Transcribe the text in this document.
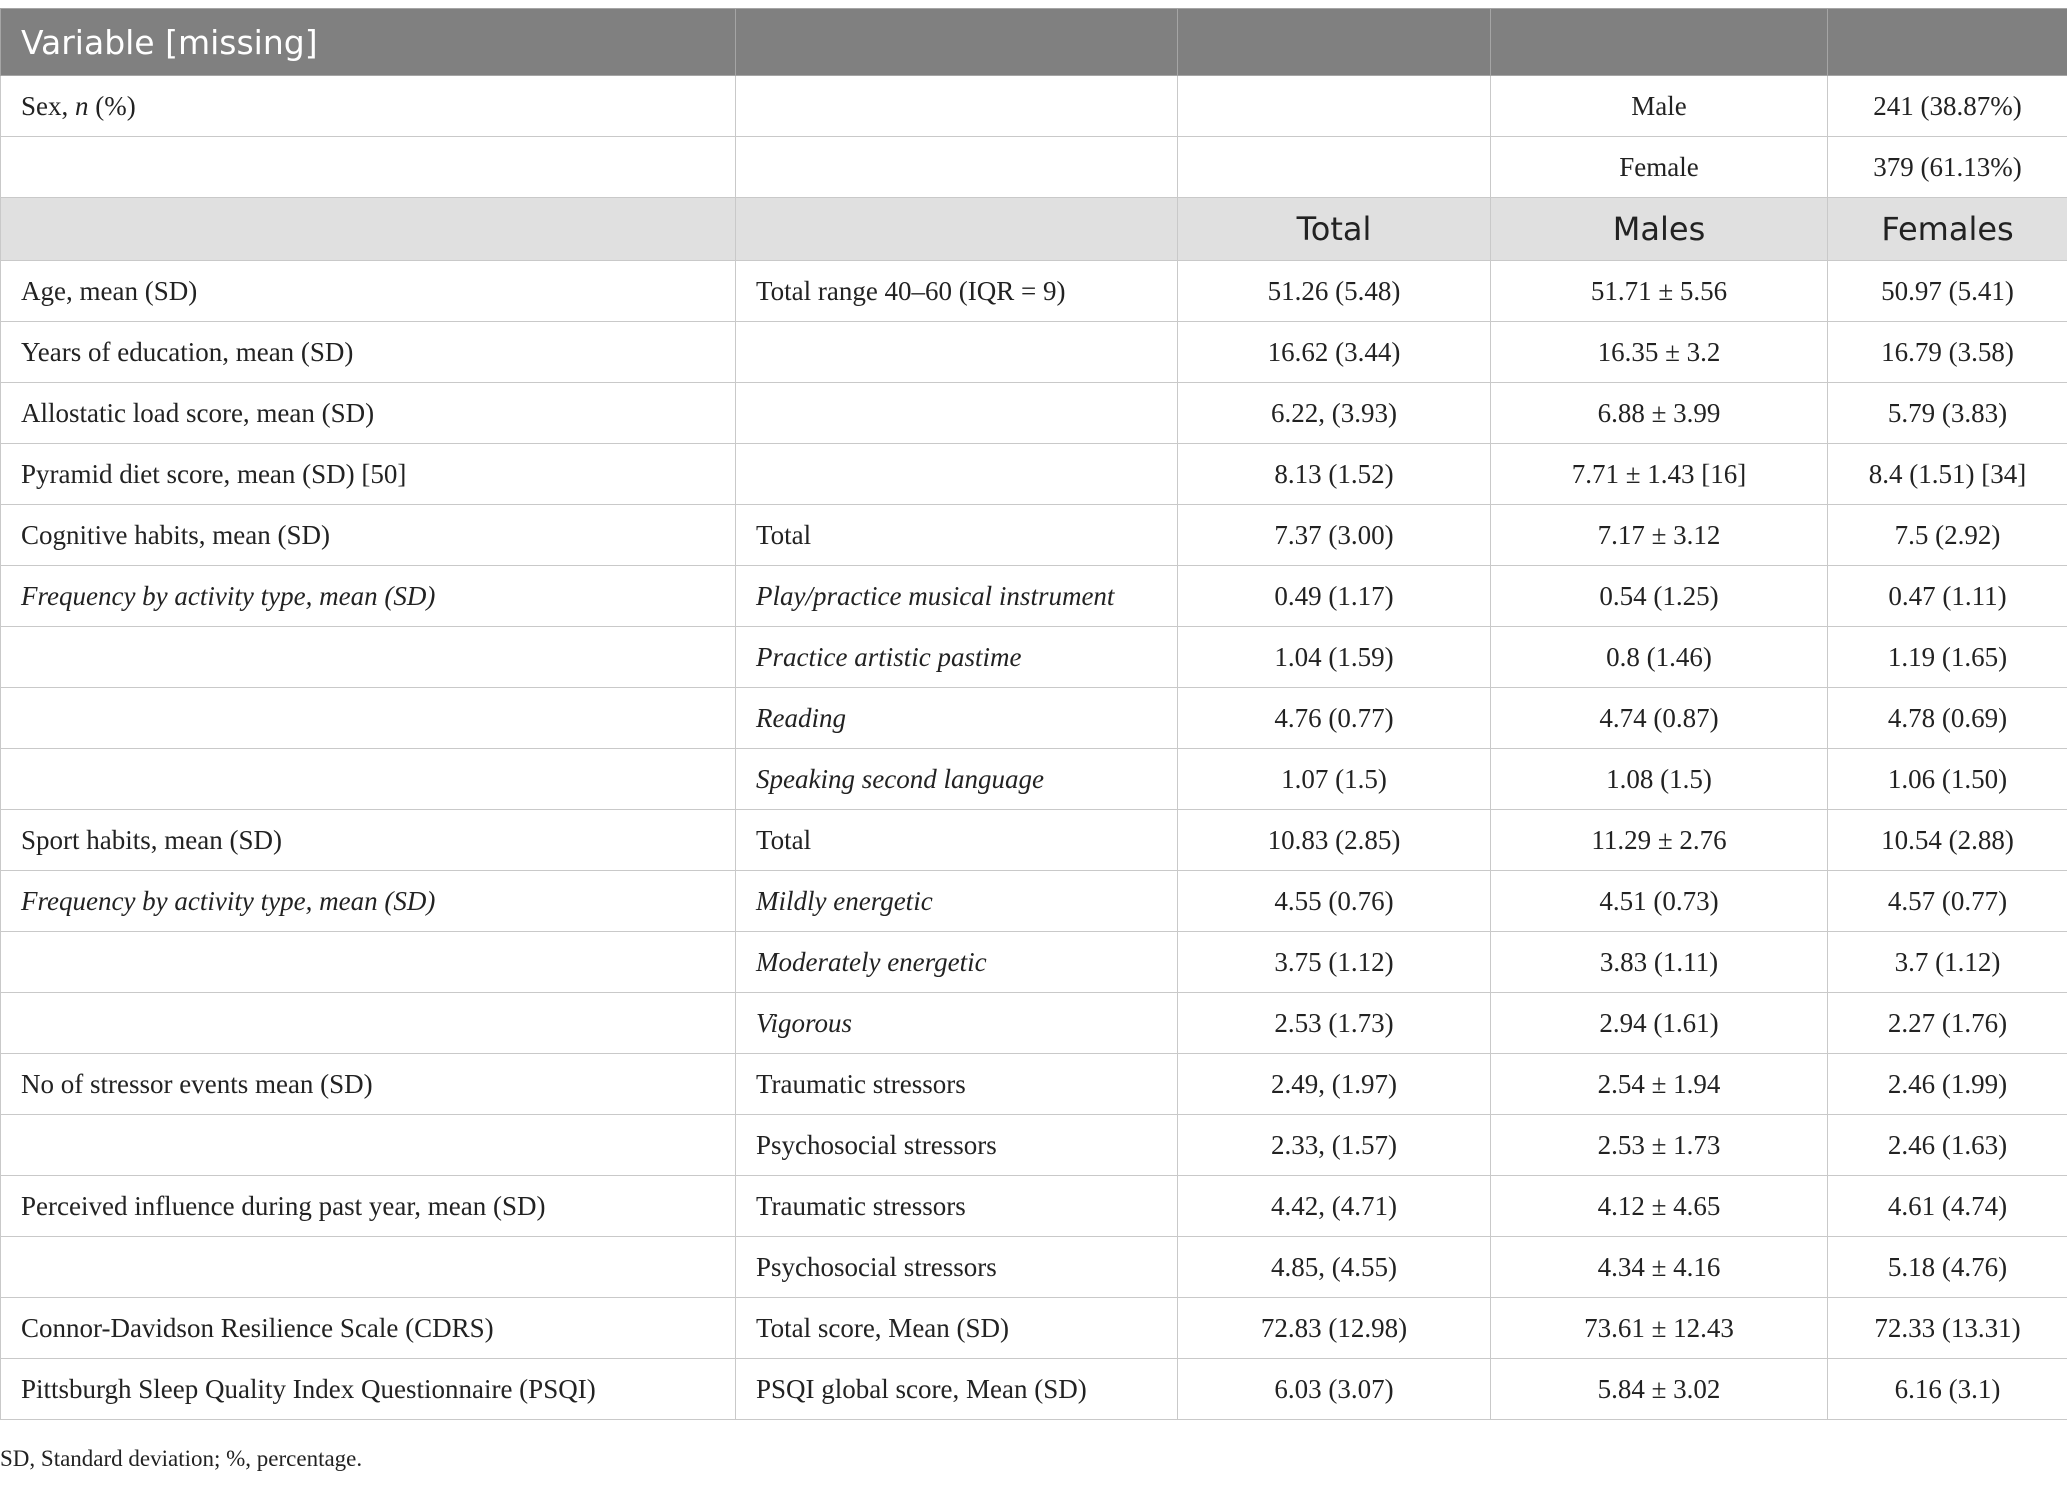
Variable [missing]				
Sex, n (%)			Male	241 (38.87%)
			Female	379 (61.13%)
		Total	Males	Females
Age, mean (SD)	Total range 40–60 (IQR = 9)	51.26 (5.48)	51.71 ± 5.56	50.97 (5.41)
Years of education, mean (SD)		16.62 (3.44)	16.35 ± 3.2	16.79 (3.58)
Allostatic load score, mean (SD)		6.22, (3.93)	6.88 ± 3.99	5.79 (3.83)
Pyramid diet score, mean (SD) [50]		8.13 (1.52)	7.71 ± 1.43 [16]	8.4 (1.51) [34]
Cognitive habits, mean (SD)	Total	7.37 (3.00)	7.17 ± 3.12	7.5 (2.92)
Frequency by activity type, mean (SD)	Play/practice musical instrument	0.49 (1.17)	0.54 (1.25)	0.47 (1.11)
	Practice artistic pastime	1.04 (1.59)	0.8 (1.46)	1.19 (1.65)
	Reading	4.76 (0.77)	4.74 (0.87)	4.78 (0.69)
	Speaking second language	1.07 (1.5)	1.08 (1.5)	1.06 (1.50)
Sport habits, mean (SD)	Total	10.83 (2.85)	11.29 ± 2.76	10.54 (2.88)
Frequency by activity type, mean (SD)	Mildly energetic	4.55 (0.76)	4.51 (0.73)	4.57 (0.77)
	Moderately energetic	3.75 (1.12)	3.83 (1.11)	3.7 (1.12)
	Vigorous	2.53 (1.73)	2.94 (1.61)	2.27 (1.76)
No of stressor events mean (SD)	Traumatic stressors	2.49, (1.97)	2.54 ± 1.94	2.46 (1.99)
	Psychosocial stressors	2.33, (1.57)	2.53 ± 1.73	2.46 (1.63)
Perceived influence during past year, mean (SD)	Traumatic stressors	4.42, (4.71)	4.12 ± 4.65	4.61 (4.74)
	Psychosocial stressors	4.85, (4.55)	4.34 ± 4.16	5.18 (4.76)
Connor-Davidson Resilience Scale (CDRS)	Total score, Mean (SD)	72.83 (12.98)	73.61 ± 12.43	72.33 (13.31)
Pittsburgh Sleep Quality Index Questionnaire (PSQI)	PSQI global score, Mean (SD)	6.03 (3.07)	5.84 ± 3.02	6.16 (3.1)
SD, Standard deviation; %, percentage.
